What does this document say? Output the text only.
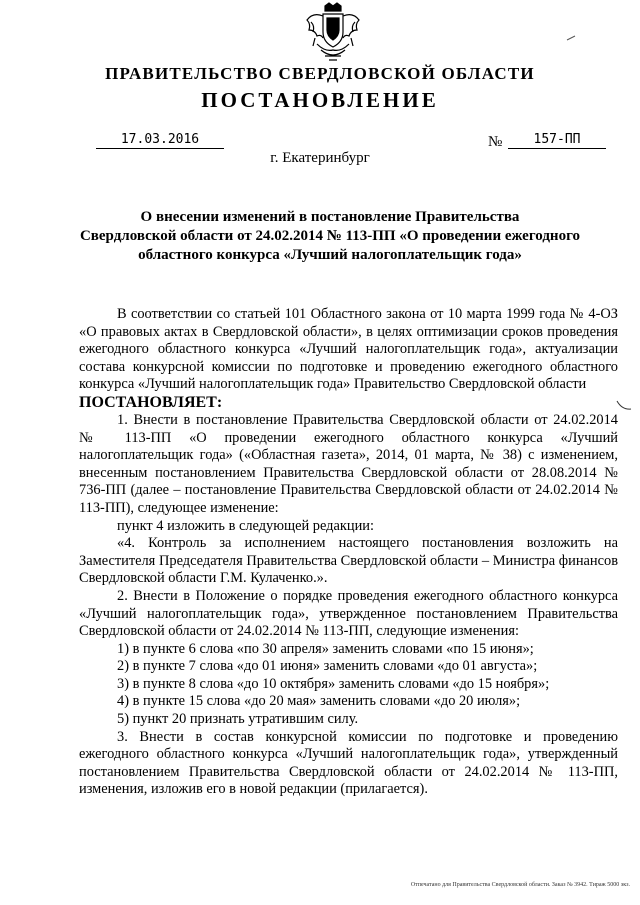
ПРАВИТЕЛЬСТВО СВЕРДЛОВСКОЙ ОБЛАСТИ
ПОСТАНОВЛЕНИЕ
17.03.2016	№	157-ПП
г. Екатеринбург
О внесении изменений в постановление Правительства
Свердловской области от 24.02.2014 № 113-ПП «О проведении ежегодного
областного конкурса «Лучший налогоплательщик года»

В соответствии со статьей 101 Областного закона от 10 марта 1999 года № 4-ОЗ «О правовых актах в Свердловской области», в целях оптимизации сроков проведения ежегодного областного конкурса «Лучший налогоплательщик года», актуализации состава конкурсной комиссии по подготовке и проведению ежегодного областного конкурса «Лучший налогоплательщик года» Правительство Свердловской области

ПОСТАНОВЛЯЕТ:

1. Внести в постановление Правительства Свердловской области от 24.02.2014 № 113-ПП «О проведении ежегодного областного конкурса «Лучший налогоплательщик года» («Областная газета», 2014, 01 марта, № 38) с изменением, внесенным постановлением Правительства Свердловской области от 28.08.2014 № 736-ПП (далее – постановление Правительства Свердловской области от 24.02.2014 № 113-ПП), следующее изменение:

пункт 4 изложить в следующей редакции:

«4. Контроль за исполнением настоящего постановления возложить на Заместителя Председателя Правительства Свердловской области – Министра финансов Свердловской области Г.М. Кулаченко.».

2. Внести в Положение о порядке проведения ежегодного областного конкурса «Лучший налогоплательщик года», утвержденное постановлением Правительства Свердловской области от 24.02.2014 № 113-ПП, следующие изменения:

1) в пункте 6 слова «по 30 апреля» заменить словами «по 15 июня»;

2) в пункте 7 слова «до 01 июня» заменить словами «до 01 августа»;

3) в пункте 8 слова «до 10 октября» заменить словами «до 15 ноября»;

4) в пункте 15 слова «до 20 мая» заменить словами «до 20 июля»;

5) пункт 20 признать утратившим силу.

3. Внести в состав конкурсной комиссии по подготовке и проведению ежегодного областного конкурса «Лучший налогоплательщик года», утвержденный постановлением Правительства Свердловской области от 24.02.2014 № 113-ПП, изменения, изложив его в новой редакции (прилагается).

Отпечатано для Правительства Свердловской области. Заказ № 3942. Тираж 5000 экз.
